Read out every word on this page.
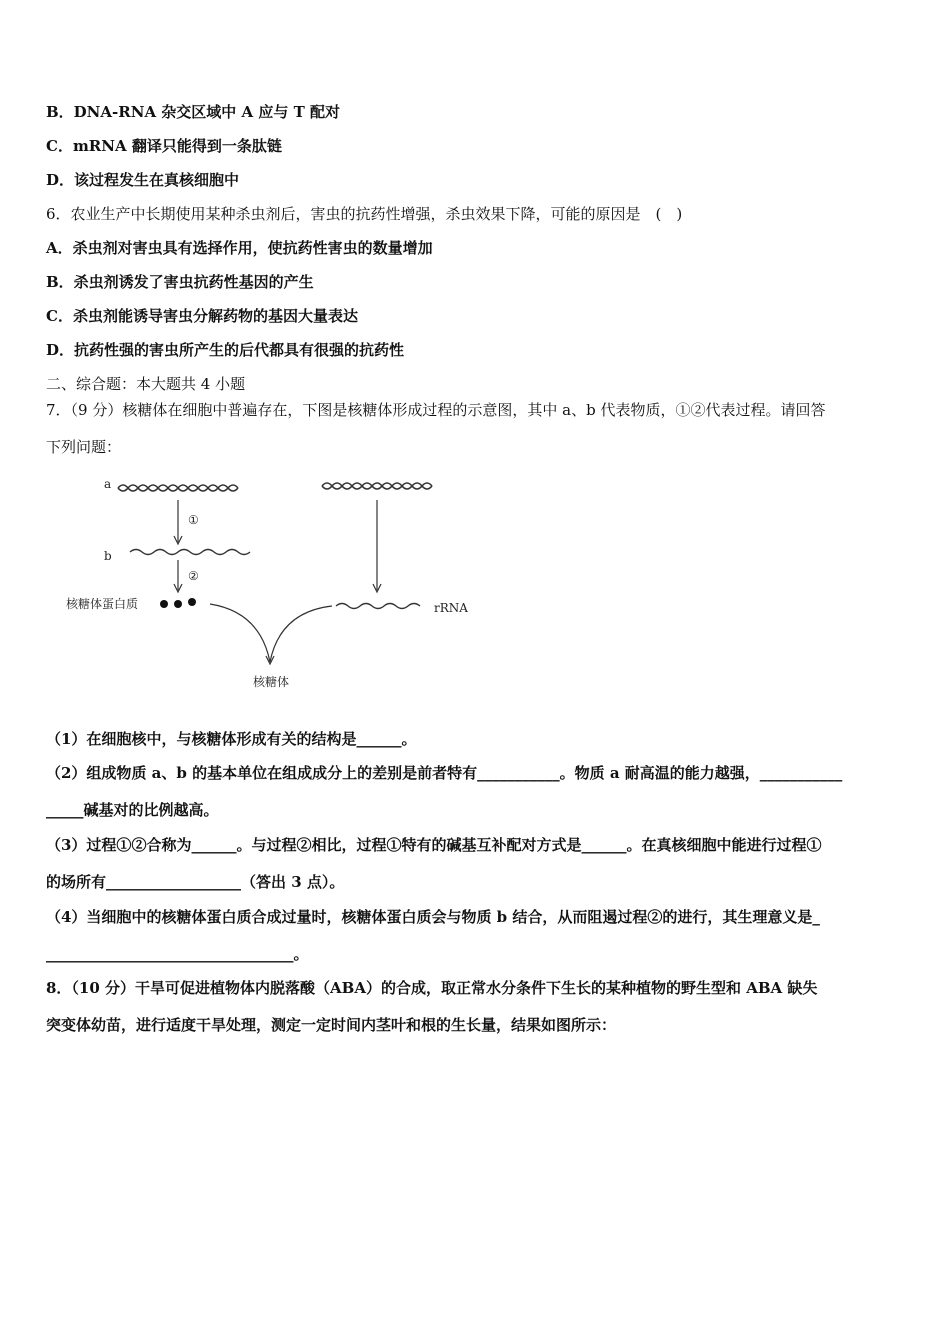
B．DNA-RNA 杂交区域中 A 应与 T 配对
C．mRNA 翻译只能得到一条肽链
D．该过程发生在真核细胞中
6．农业生产中长期使用某种杀虫剂后，害虫的抗药性增强，杀虫效果下降，可能的原因是　(　)
A．杀虫剂对害虫具有选择作用，使抗药性害虫的数量增加
B．杀虫剂诱发了害虫抗药性基因的产生
C．杀虫剂能诱导害虫分解药物的基因大量表达
D．抗药性强的害虫所产生的后代都具有很强的抗药性
二、综合题：本大题共 4 小题
7．（9 分）核糖体在细胞中普遍存在，下图是核糖体形成过程的示意图，其中 a、b 代表物质，①②代表过程。请回答
下列问题：
a
①
b
②
核糖体蛋白质	rRNA
核糖体
（1）在细胞核中，与核糖体形成有关的结构是______。
（2）组成物质 a、b 的基本单位在组成成分上的差别是前者特有___________。物质 a 耐高温的能力越强，___________
_____碱基对的比例越高。
（3）过程①②合称为______。与过程②相比，过程①特有的碱基互补配对方式是______。在真核细胞中能进行过程①
的场所有__________________（答出 3 点）。
（4）当细胞中的核糖体蛋白质合成过量时，核糖体蛋白质会与物质 b 结合，从而阻遏过程②的进行，其生理意义是_
_________________________________。
8．（10 分）干旱可促进植物体内脱落酸（ABA）的合成，取正常水分条件下生长的某种植物的野生型和 ABA 缺失
突变体幼苗，进行适度干旱处理，测定一定时间内茎叶和根的生长量，结果如图所示：
